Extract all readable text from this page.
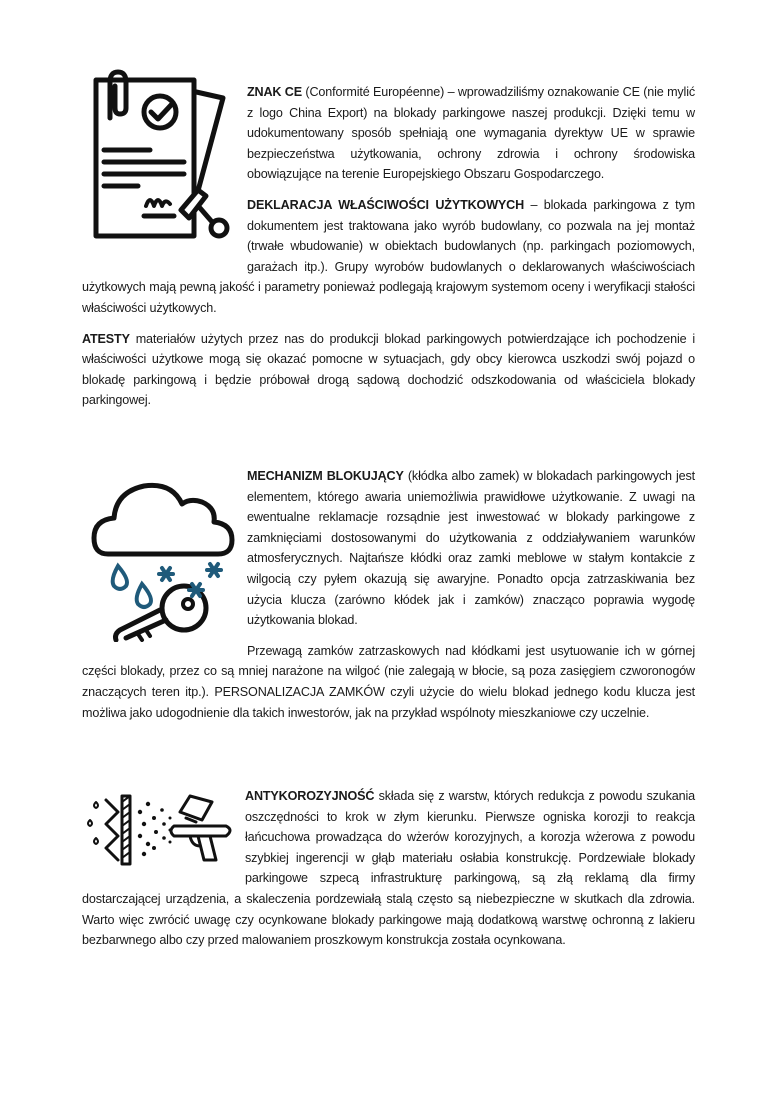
ZNAK CE (Conformité Européenne) – wprowadziliśmy oznakowanie CE (nie mylić z logo China Export) na blokady parkingowe naszej produkcji. Dzięki temu w udokumentowany sposób spełniają one wymagania dyrektyw UE w sprawie bezpieczeństwa użytkowania, ochrony zdrowia i ochrony środowiska obowiązujące na terenie Europejskiego Obszaru Gospodarczego.

DEKLARACJA WŁAŚCIWOŚCI UŻYTKOWYCH – blokada parkingowa z tym dokumentem jest traktowana jako wyrób budowlany, co pozwala na jej montaż (trwałe wbudowanie) w obiektach budowlanych (np. parkingach poziomowych, garażach itp.). Grupy wyrobów budowlanych o deklarowanych właściwościach użytkowych mają pewną jakość i parametry ponieważ podlegają krajowym systemom oceny i weryfikacji stałości właściwości użytkowych.

ATESTY materiałów użytych przez nas do produkcji blokad parkingowych potwierdzające ich pochodzenie i właściwości użytkowe mogą się okazać pomocne w sytuacjach, gdy obcy kierowca uszkodzi swój pojazd o blokadę parkingową i będzie próbował drogą sądową dochodzić odszkodowania od właściciela blokady parkingowej.

MECHANIZM BLOKUJĄCY (kłódka albo zamek) w blokadach parkingowych jest elementem, którego awaria uniemożliwia prawidłowe użytkowanie. Z uwagi na ewentualne reklamacje rozsądnie jest inwestować w blokady parkingowe z zamknięciami dostosowanymi do użytkowania z oddziaływaniem warunków atmosferycznych. Najtańsze kłódki oraz zamki meblowe w stałym kontakcie z wilgocią czy pyłem okazują się awaryjne. Ponadto opcja zatrzaskiwania bez użycia klucza (zarówno kłódek jak i zamków) znacząco poprawia wygodę użytkowania blokad.

Przewagą zamków zatrzaskowych nad kłódkami jest usytuowanie ich w górnej części blokady, przez co są mniej narażone na wilgoć (nie zalegają w błocie, są poza zasięgiem czworonogów znaczących teren itp.). PERSONALIZACJA ZAMKÓW czyli użycie do wielu blokad jednego kodu klucza jest możliwa jako udogodnienie dla takich inwestorów, jak na przykład wspólnoty mieszkaniowe czy uczelnie.

ANTYKOROZYJNOŚĆ składa się z warstw, których redukcja z powodu szukania oszczędności to krok w złym kierunku. Pierwsze ogniska korozji to reakcja łańcuchowa prowadząca do wżerów korozyjnych, a korozja wżerowa z powodu szybkiej ingerencji w głąb materiału osłabia konstrukcję. Pordzewiałe blokady parkingowe szpecą infrastrukturę parkingową, są złą reklamą dla firmy dostarczającej urządzenia, a skaleczenia pordzewiałą stalą często są niebezpieczne w skutkach dla zdrowia. Warto więc zwrócić uwagę czy ocynkowane blokady parkingowe mają dodatkową warstwę ochronną z lakieru bezbarwnego albo czy przed malowaniem proszkowym konstrukcja została ocynkowana.
